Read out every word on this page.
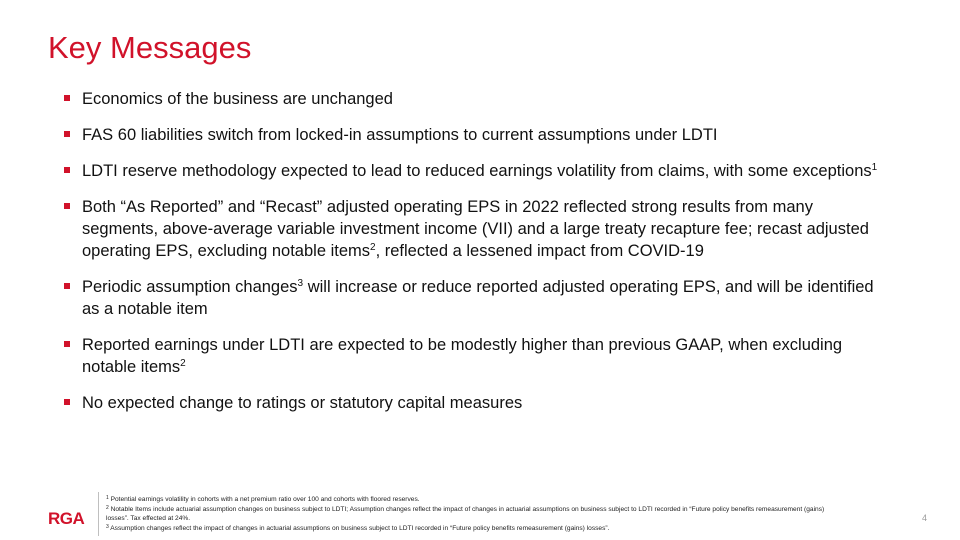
Key Messages
Economics of the business are unchanged
FAS 60 liabilities switch from locked-in assumptions to current assumptions under LDTI
LDTI reserve methodology expected to lead to reduced earnings volatility from claims, with some exceptions$^1$
Both “As Reported” and “Recast” adjusted operating EPS in 2022 reflected strong results from many segments, above-average variable investment income (VII) and a large treaty recapture fee; recast adjusted operating EPS, excluding notable items$^2$, reflected a lessened impact from COVID-19
Periodic assumption changes$^3$ will increase or reduce reported adjusted operating EPS, and will be identified as a notable item
Reported earnings under LDTI are expected to be modestly higher than previous GAAP, when excluding notable items$^2$
No expected change to ratings or statutory capital measures
RGA
$^1$ Potential earnings volatility in cohorts with a net premium ratio over 100 and cohorts with floored reserves.
$^2$ Notable Items include actuarial assumption changes on business subject to LDTI; Assumption changes reflect the impact of changes in actuarial assumptions on business subject to LDTI recorded in “Future policy benefits remeasurement (gains) losses”. Tax effected at 24%.
$^3$ Assumption changes reflect the impact of changes in actuarial assumptions on business subject to LDTI recorded in “Future policy benefits remeasurement (gains) losses”.
4
